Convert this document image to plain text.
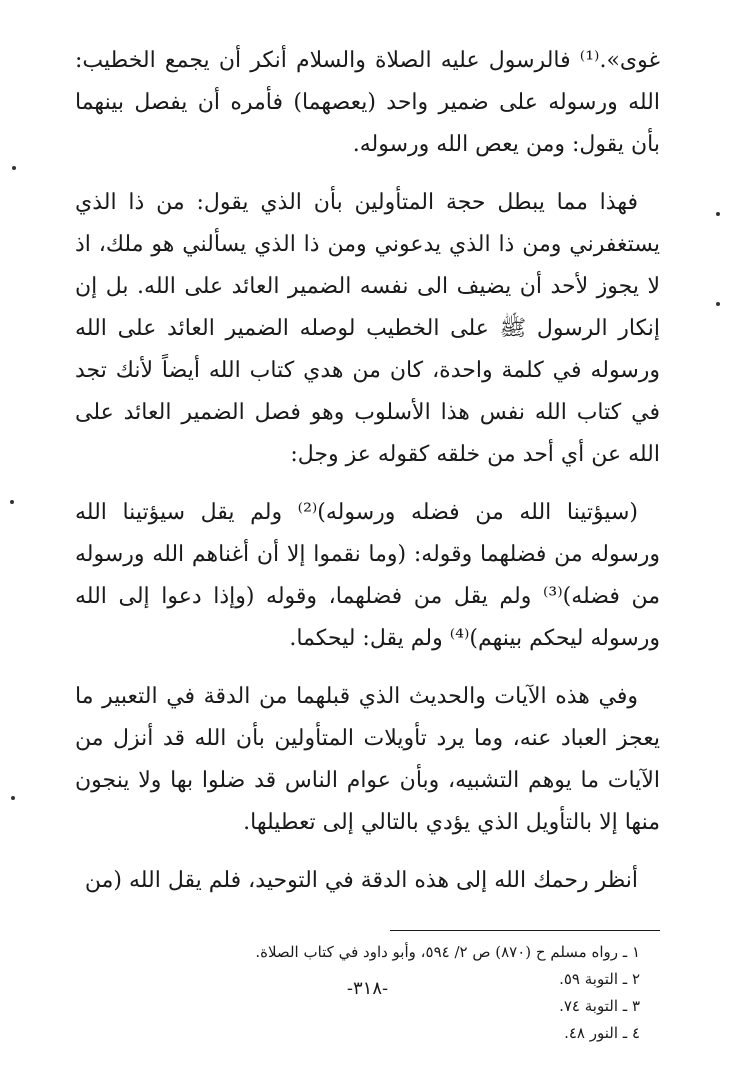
غوى».⁽¹⁾ فالرسول عليه الصلاة والسلام أنكر أن يجمع الخطيب: الله ورسوله على ضمير واحد (يعصهما) فأمره أن يفصل بينهما بأن يقول: ومن يعص الله ورسوله.

فهذا مما يبطل حجة المتأولين بأن الذي يقول: من ذا الذي يستغفرني ومن ذا الذي يدعوني ومن ذا الذي يسألني هو ملك، اذ لا يجوز لأحد أن يضيف الى نفسه الضمير العائد على الله. بل إن إنكار الرسول ﷺ على الخطيب لوصله الضمير العائد على الله ورسوله في كلمة واحدة، كان من هدي كتاب الله أيضاً لأنك تجد في كتاب الله نفس هذا الأسلوب وهو فصل الضمير العائد على الله عن أي أحد من خلقه كقوله عز وجل:

(سيؤتينا الله من فضله ورسوله)⁽²⁾ ولم يقل سيؤتينا الله ورسوله من فضلهما وقوله: (وما نقموا إلا أن أغناهم الله ورسوله من فضله)⁽³⁾ ولم يقل من فضلهما، وقوله (وإذا دعوا إلى الله ورسوله ليحكم بينهم)⁽⁴⁾ ولم يقل: ليحكما.

وفي هذه الآيات والحديث الذي قبلهما من الدقة في التعبير ما يعجز العباد عنه، وما يرد تأويلات المتأولين بأن الله قد أنزل من الآيات ما يوهم التشبيه، وبأن عوام الناس قد ضلوا بها ولا ينجون منها إلا بالتأويل الذي يؤدي بالتالي إلى تعطيلها.

أنظر رحمك الله إلى هذه الدقة في التوحيد، فلم يقل الله (من

١ ـ رواه مسلم ح (٨٧٠) ص ٢/ ٥٩٤، وأبو داود في كتاب الصلاة.
٢ ـ التوبة ٥٩.
٣ ـ التوبة ٧٤.
٤ ـ النور ٤٨.
-٣١٨-
